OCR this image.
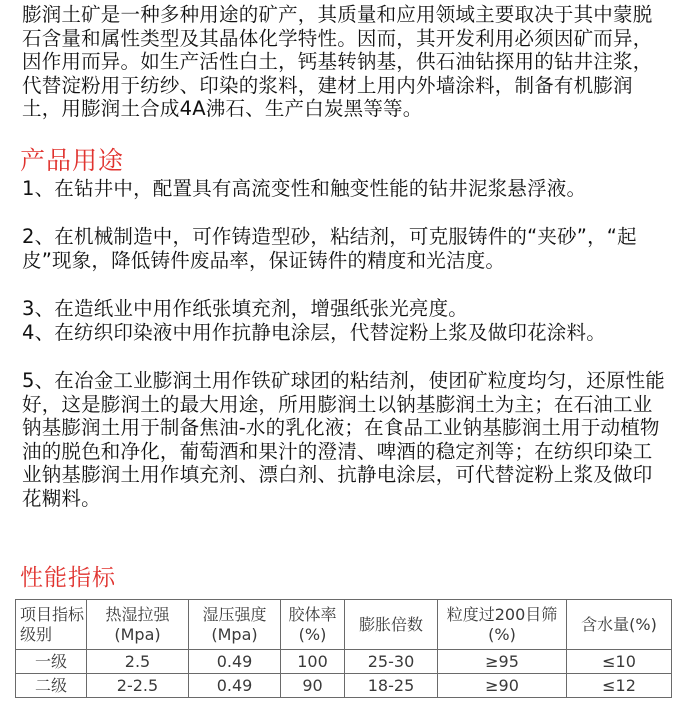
膨润土矿是一种多种用途的矿产，其质量和应用领域主要取决于其中蒙脱石含量和属性类型及其晶体化学特性。因而，其开发利用必须因矿而异，因作用而异。如生产活性白土，钙基转钠基，供石油钻探用的钻井注浆，代替淀粉用于纺纱、印染的浆料，建材上用内外墙涂料，制备有机膨润土，用膨润土合成4A沸石、生产白炭黑等等。
产品用途
1、在钻井中，配置具有高流变性和触变性能的钻井泥浆悬浮液。
2、在机械制造中，可作铸造型砂，粘结剂，可克服铸件的“夹砂”，“起皮”现象，降低铸件废品率，保证铸件的精度和光洁度。
3、在造纸业中用作纸张填充剂，增强纸张光亮度。
4、在纺织印染液中用作抗静电涂层，代替淀粉上浆及做印花涂料。
5、在冶金工业膨润土用作铁矿球团的粘结剂，使团矿粒度均匀，还原性能好，这是膨润土的最大用途，所用膨润土以钠基膨润土为主；在石油工业钠基膨润土用于制备焦油-水的乳化液；在食品工业钠基膨润土用于动植物油的脱色和净化，葡萄酒和果汁的澄清、啤酒的稳定剂等；在纺织印染工业钠基膨润土用作填充剂、漂白剂、抗静电涂层，可代替淀粉上浆及做印花糊料。
性能指标
项目指标级别	热湿拉强(Mpa)	湿压强度(Mpa)	胶体率(%)	膨胀倍数	粒度过200目筛(%)	含水量(%)
一级	2.5	0.49	100	25-30	≥95	≤10
二级	2-2.5	0.49	90	18-25	≥90	≤12
